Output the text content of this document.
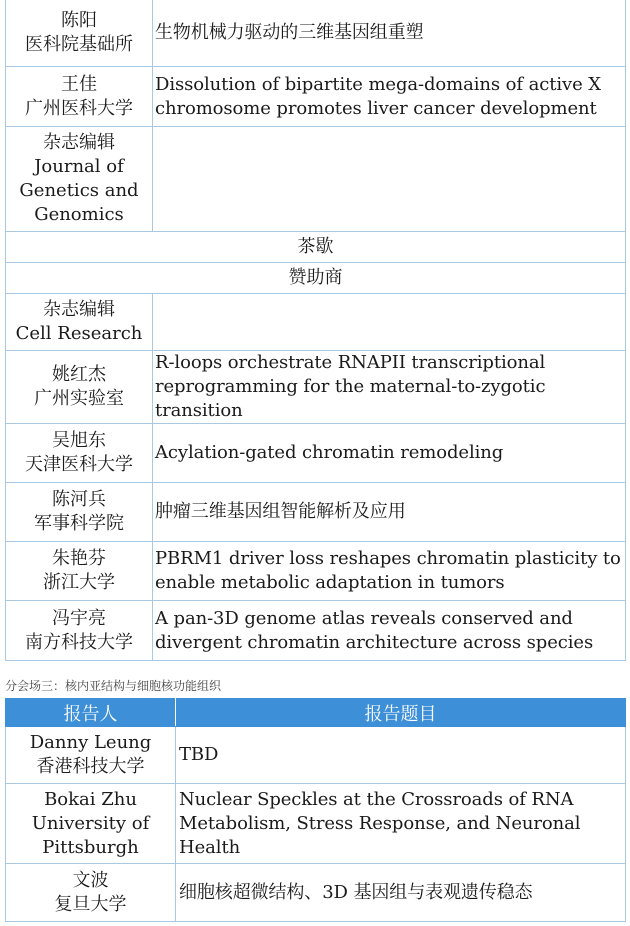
陈阳
医科院基础所	生物机械力驱动的三维基因组重塑

王佳
广州医科大学	Dissolution of bipartite mega-domains of active X chromosome promotes liver cancer development

杂志编辑
Journal of
Genetics and
Genomics	

茶歇	
赞助商	

杂志编辑
Cell Research	

姚红杰
广州实验室	R-loops orchestrate RNAPII transcriptional reprogramming for the maternal-to-zygotic transition

吴旭东
天津医科大学	Acylation-gated chromatin remodeling

陈河兵
军事科学院	肿瘤三维基因组智能解析及应用

朱艳芬
浙江大学	PBRM1 driver loss reshapes chromatin plasticity to enable metabolic adaptation in tumors

冯宇亮
南方科技大学	A pan-3D genome atlas reveals conserved and divergent chromatin architecture across species
分会场三：核内亚结构与细胞核功能组织
报告人	报告题目

Danny Leung
香港科技大学	TBD

Bokai Zhu
University of
Pittsburgh	Nuclear Speckles at the Crossroads of RNA Metabolism, Stress Response, and Neuronal Health

文波
复旦大学	细胞核超微结构、3D 基因组与表观遗传稳态
